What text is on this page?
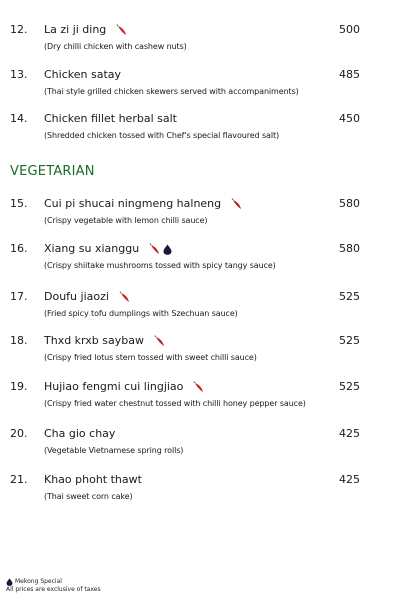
12. La zi ji ding
(Dry chilli chicken with cashew nuts)
500
13. Chicken satay
(Thai style grilled chicken skewers served with accompaniments)
485
14. Chicken fillet herbal salt
(Shredded chicken tossed with Chef's special flavoured salt)
450
VEGETARIAN
15. Cui pi shucai ningmeng halneng
(Crispy vegetable with lemon chilli sauce)
580
16. Xiang su xianggu
(Crispy shiitake mushrooms tossed with spicy tangy sauce)
580
17. Doufu jiaozi
(Fried spicy tofu dumplings with Szechuan sauce)
525
18. Thxd krxb saybaw
(Crispy fried lotus stem tossed with sweet chilli sauce)
525
19. Hujiao fengmi cui lingjiao
(Crispy fried water chestnut tossed with chilli honey pepper sauce)
525
20. Cha gio chay
(Vegetable Vietnamese spring rolls)
425
21. Khao phoht thawt
(Thai sweet corn cake)
425
Mekong Special
All prices are exclusive of taxes
